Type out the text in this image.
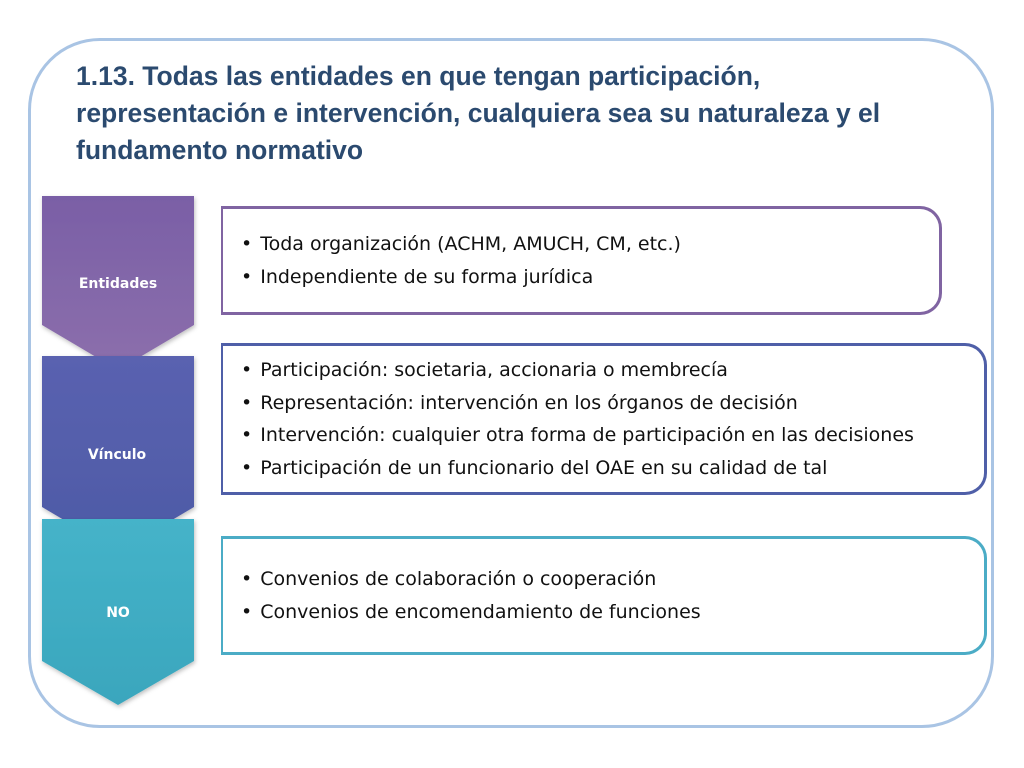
1.13. Todas las entidades en que tengan participación, representación e intervención, cualquiera sea su naturaleza y el fundamento normativo
Entidades
Vínculo
NO
• Toda organización (ACHM, AMUCH, CM, etc.)
• Independiente de su forma jurídica
• Participación: societaria, accionaria o membrecía
• Representación: intervención en los órganos de decisión
• Intervención: cualquier otra forma de participación en las decisiones
• Participación de un funcionario del OAE en su calidad de tal
• Convenios de colaboración o cooperación
• Convenios de encomendamiento de funciones
